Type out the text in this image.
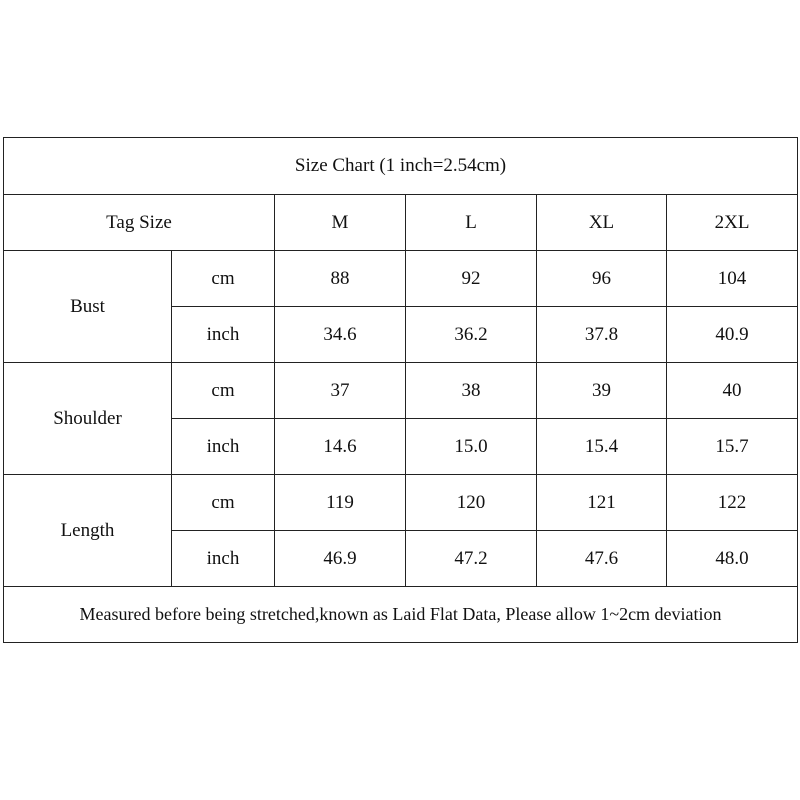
Size Chart (1 inch=2.54cm)					
Tag Size		M	L	XL	2XL
Bust	cm	88	92	96	104
	inch	34.6	36.2	37.8	40.9
Shoulder	cm	37	38	39	40
	inch	14.6	15.0	15.4	15.7
Length	cm	119	120	121	122
	inch	46.9	47.2	47.6	48.0
Measured before being stretched,known as Laid Flat Data, Please allow 1~2cm deviation					
